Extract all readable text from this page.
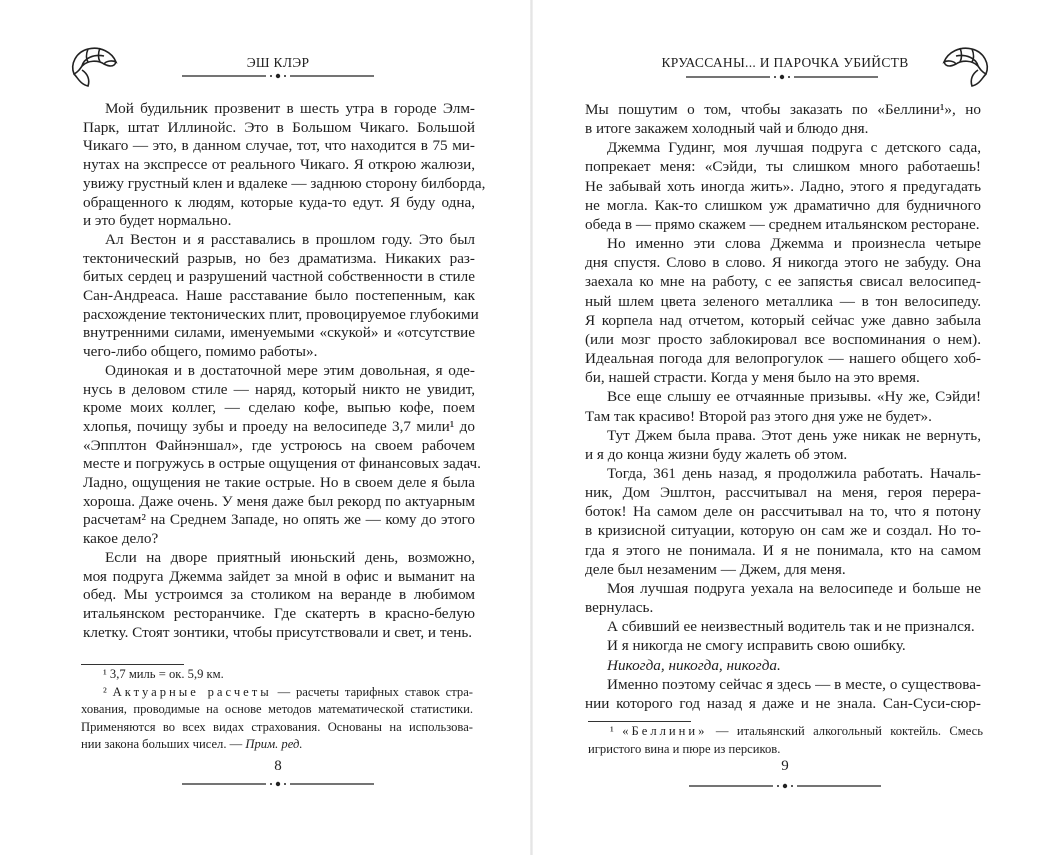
ЭШ КЛЭР
Мой будильник прозвенит в шесть утра в городе Элм-
Парк, штат Иллинойс. Это в Большом Чикаго. Большой
Чикаго — это, в данном случае, тот, что находится в 75 ми-
нутах на экспрессе от реального Чикаго. Я открою жалюзи,
увижу грустный клен и вдалеке — заднюю сторону билборда,
обращенного к людям, которые куда-то едут. Я буду одна,
и это будет нормально.
Ал Вестон и я расставались в прошлом году. Это был
тектонический разрыв, но без драматизма. Никаких раз-
битых сердец и разрушений частной собственности в стиле
Сан-Андреаса. Наше расставание было постепенным, как
расхождение тектонических плит, провоцируемое глубокими
внутренними силами, именуемыми «скукой» и «отсутствие
чего-либо общего, помимо работы».
Одинокая и в достаточной мере этим довольная, я оде-
нусь в деловом стиле — наряд, который никто не увидит,
кроме моих коллег, — сделаю кофе, выпью кофе, поем
хлопья, почищу зубы и проеду на велосипеде 3,7 мили¹ до
«Эпплтон Файнэншал», где устроюсь на своем рабочем
месте и погружусь в острые ощущения от финансовых задач.
Ладно, ощущения не такие острые. Но в своем деле я была
хороша. Даже очень. У меня даже был рекорд по актуарным
расчетам² на Среднем Западе, но опять же — кому до этого
какое дело?
Если на дворе приятный июньский день, возможно,
моя подруга Джемма зайдет за мной в офис и выманит на
обед. Мы устроимся за столиком на веранде в любимом
итальянском ресторанчике. Где скатерть в красно-белую
клетку. Стоят зонтики, чтобы присутствовали и свет, и тень.
¹ 3,7 миль = ок. 5,9 км.
² Актуарные расчеты — расчеты тарифных ставок стра-
хования, проводимые на основе методов математической статистики.
Применяются во всех видах страхования. Основаны на использова-
нии закона больших чисел. — Прим. ред.
8
КРУАССАНЫ... И ПАРОЧКА УБИЙСТВ
Мы пошутим о том, чтобы заказать по «Беллини¹», но
в итоге закажем холодный чай и блюдо дня.
Джемма Гудинг, моя лучшая подруга с детского сада,
попрекает меня: «Сэйди, ты слишком много работаешь!
Не забывай хоть иногда жить». Ладно, этого я предугадать
не могла. Как-то слишком уж драматично для будничного
обеда в — прямо скажем — среднем итальянском ресторане.
Но именно эти слова Джемма и произнесла четыре
дня спустя. Слово в слово. Я никогда этого не забуду. Она
заехала ко мне на работу, с ее запястья свисал велосипед-
ный шлем цвета зеленого металлика — в тон велосипеду.
Я корпела над отчетом, который сейчас уже давно забыла
(или мозг просто заблокировал все воспоминания о нем).
Идеальная погода для велопрогулок — нашего общего хоб-
би, нашей страсти. Когда у меня было на это время.
Все еще слышу ее отчаянные призывы. «Ну же, Сэйди!
Там так красиво! Второй раз этого дня уже не будет».
Тут Джем была права. Этот день уже никак не вернуть,
и я до конца жизни буду жалеть об этом.
Тогда, 361 день назад, я продолжила работать. Началь-
ник, Дом Эшлтон, рассчитывал на меня, героя перера-
боток! На самом деле он рассчитывал на то, что я потону
в кризисной ситуации, которую он сам же и создал. Но то-
гда я этого не понимала. И я не понимала, кто на самом
деле был незаменим — Джем, для меня.
Моя лучшая подруга уехала на велосипеде и больше не
вернулась.
А сбивший ее неизвестный водитель так и не признался.
И я никогда не смогу исправить свою ошибку.
Никогда, никогда, никогда.
Именно поэтому сейчас я здесь — в месте, о существова-
нии которого год назад я даже и не знала. Сан-Суси-сюр-
¹ «Беллини» — итальянский алкогольный коктейль. Смесь
игристого вина и пюре из персиков.
9
